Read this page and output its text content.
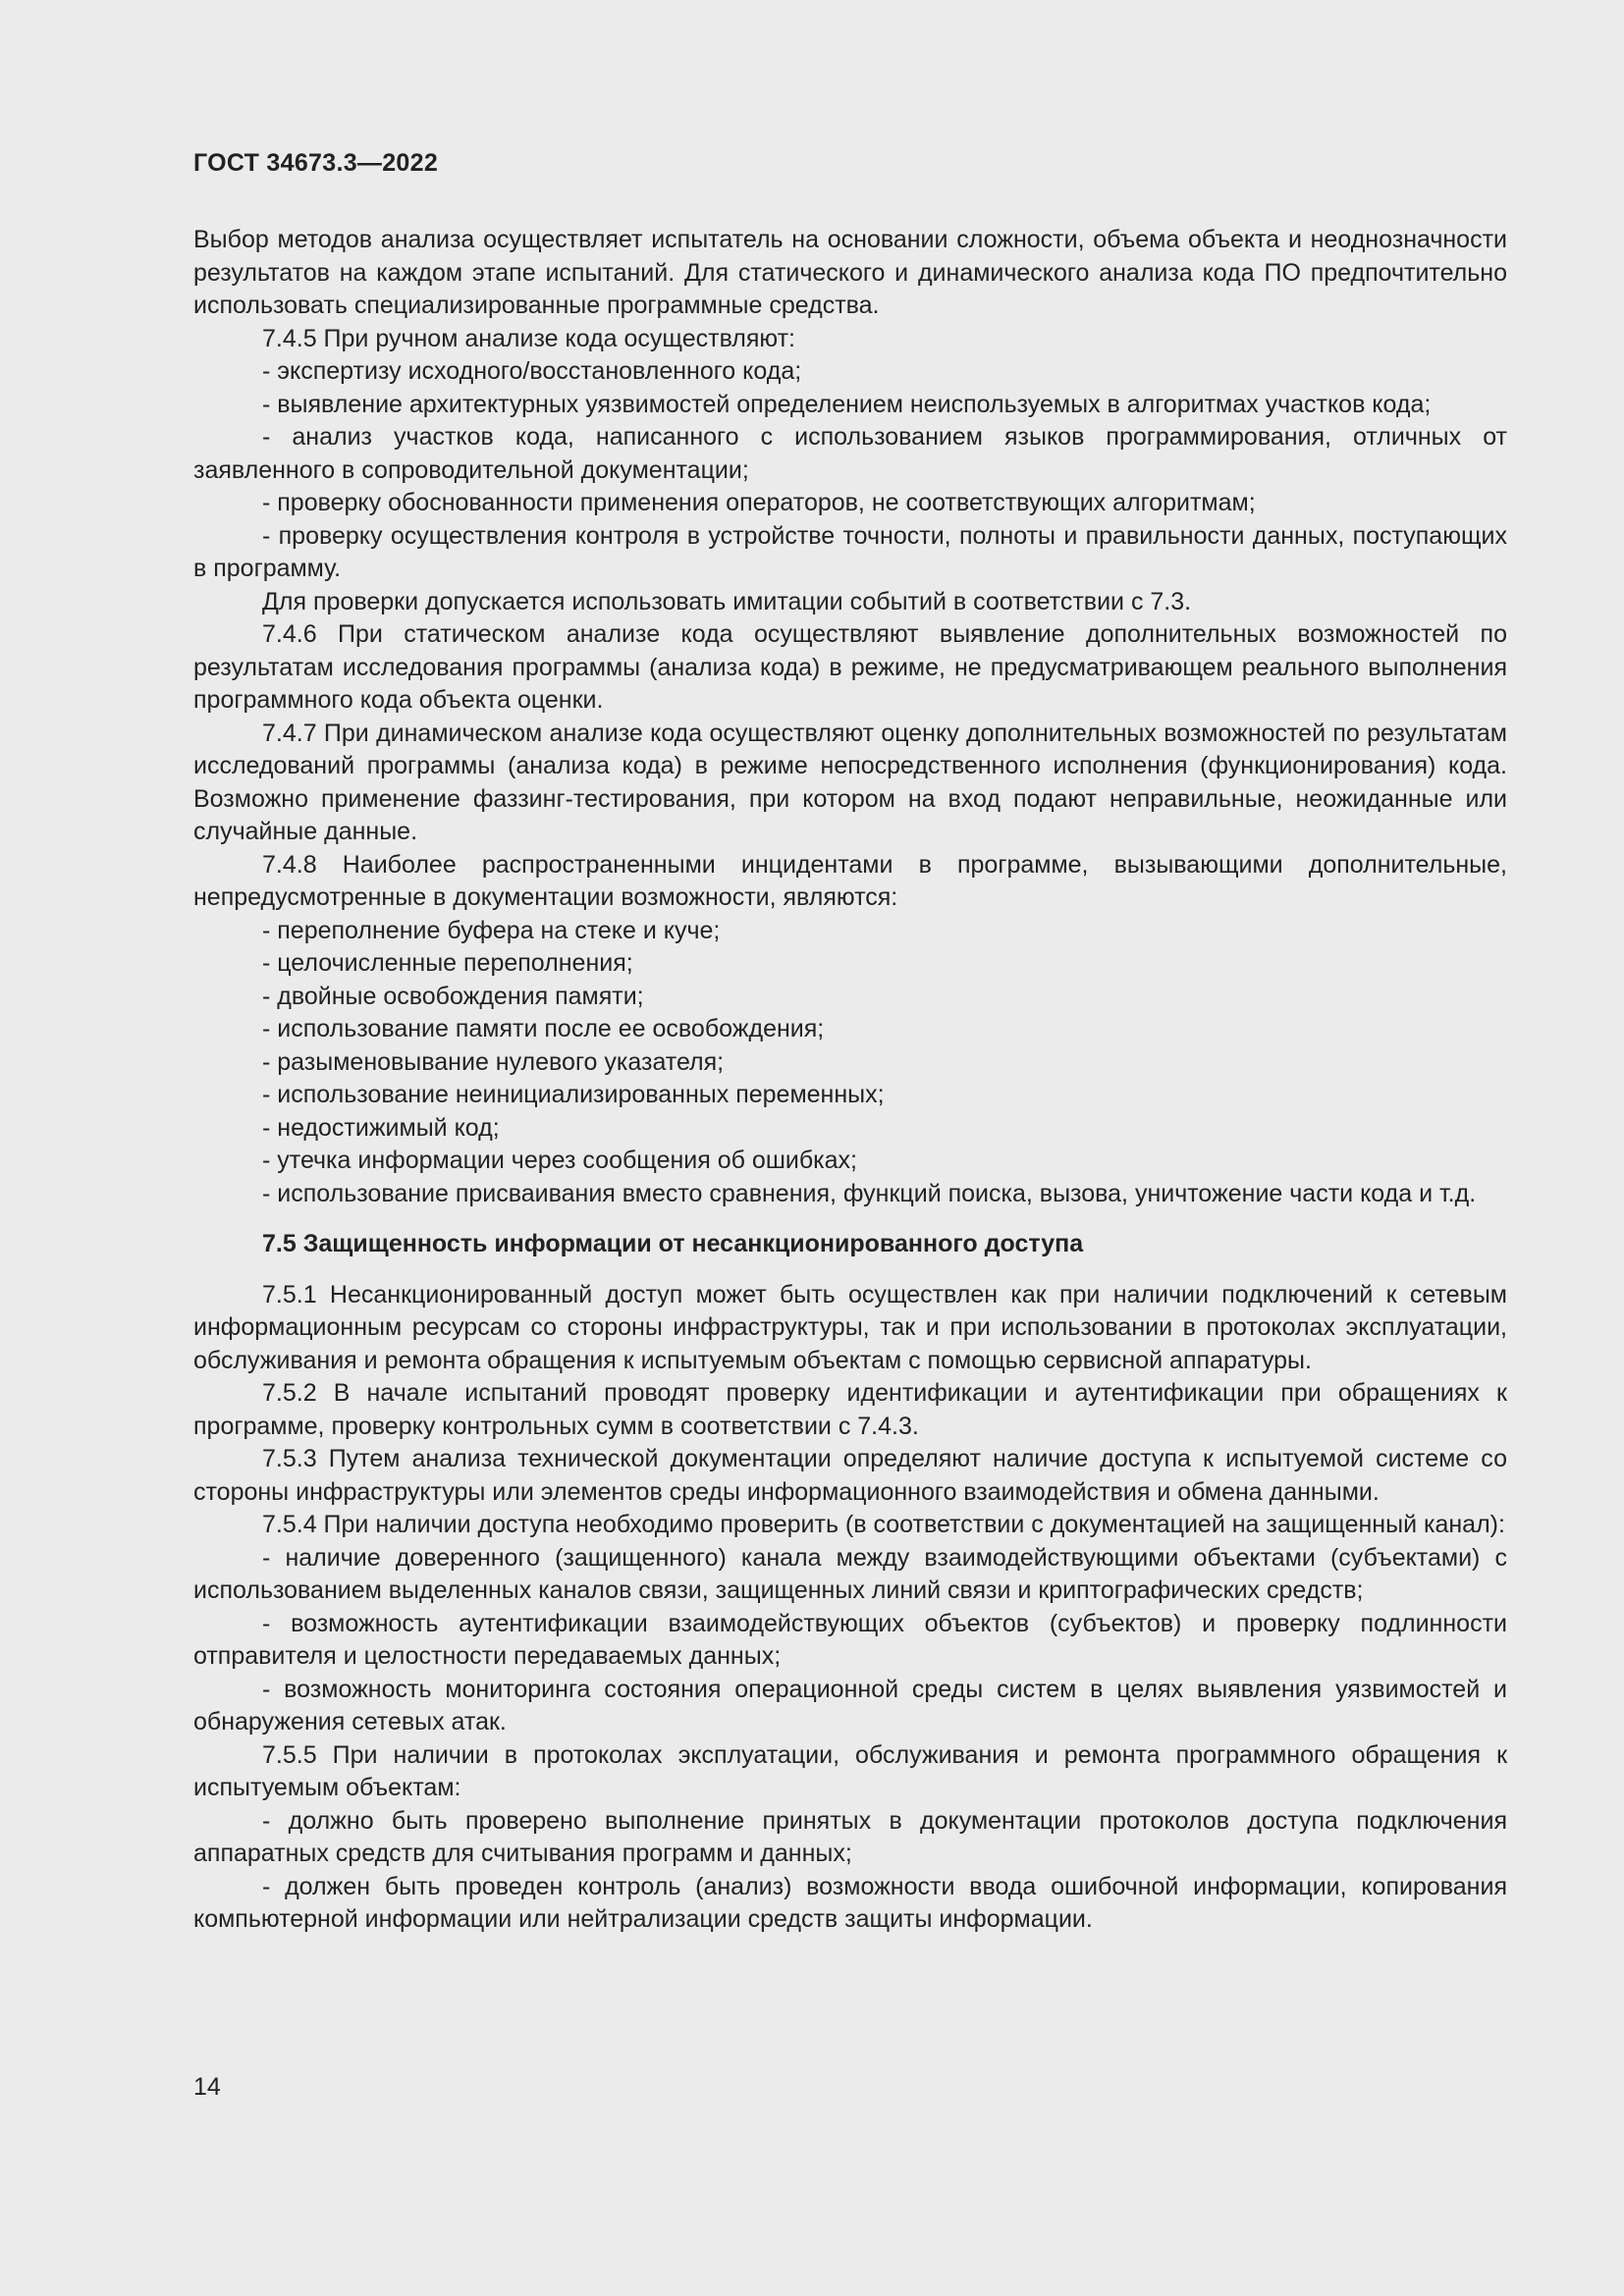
ГОСТ 34673.3—2022

Выбор методов анализа осуществляет испытатель на основании сложности, объема объекта и неоднозначности результатов на каждом этапе испытаний. Для статического и динамического анализа кода ПО предпочтительно использовать специализированные программные средства.

7.4.5 При ручном анализе кода осуществляют:

- экспертизу исходного/восстановленного кода;

- выявление архитектурных уязвимостей определением неиспользуемых в алгоритмах участков кода;

- анализ участков кода, написанного с использованием языков программирования, отличных от заявленного в сопроводительной документации;

- проверку обоснованности применения операторов, не соответствующих алгоритмам;

- проверку осуществления контроля в устройстве точности, полноты и правильности данных, поступающих в программу.

Для проверки допускается использовать имитации событий в соответствии с 7.3.

7.4.6 При статическом анализе кода осуществляют выявление дополнительных возможностей по результатам исследования программы (анализа кода) в режиме, не предусматривающем реального выполнения программного кода объекта оценки.

7.4.7 При динамическом анализе кода осуществляют оценку дополнительных возможностей по результатам исследований программы (анализа кода) в режиме непосредственного исполнения (функционирования) кода. Возможно применение фаззинг-тестирования, при котором на вход подают неправильные, неожиданные или случайные данные.

7.4.8 Наиболее распространенными инцидентами в программе, вызывающими дополнительные, непредусмотренные в документации возможности, являются:

- переполнение буфера на стеке и куче;

- целочисленные переполнения;

- двойные освобождения памяти;

- использование памяти после ее освобождения;

- разыменовывание нулевого указателя;

- использование неинициализированных переменных;

- недостижимый код;

- утечка информации через сообщения об ошибках;

- использование присваивания вместо сравнения, функций поиска, вызова, уничтожение части кода и т.д.

7.5 Защищенность информации от несанкционированного доступа

7.5.1 Несанкционированный доступ может быть осуществлен как при наличии подключений к сетевым информационным ресурсам со стороны инфраструктуры, так и при использовании в протоколах эксплуатации, обслуживания и ремонта обращения к испытуемым объектам с помощью сервисной аппаратуры.

7.5.2 В начале испытаний проводят проверку идентификации и аутентификации при обращениях к программе, проверку контрольных сумм в соответствии с 7.4.3.

7.5.3 Путем анализа технической документации определяют наличие доступа к испытуемой системе со стороны инфраструктуры или элементов среды информационного взаимодействия и обмена данными.

7.5.4 При наличии доступа необходимо проверить (в соответствии с документацией на защищенный канал):

- наличие доверенного (защищенного) канала между взаимодействующими объектами (субъектами) с использованием выделенных каналов связи, защищенных линий связи и криптографических средств;

- возможность аутентификации взаимодействующих объектов (субъектов) и проверку подлинности отправителя и целостности передаваемых данных;

- возможность мониторинга состояния операционной среды систем в целях выявления уязвимостей и обнаружения сетевых атак.

7.5.5 При наличии в протоколах эксплуатации, обслуживания и ремонта программного обращения к испытуемым объектам:

- должно быть проверено выполнение принятых в документации протоколов доступа подключения аппаратных средств для считывания программ и данных;

- должен быть проведен контроль (анализ) возможности ввода ошибочной информации, копирования компьютерной информации или нейтрализации средств защиты информации.

14
